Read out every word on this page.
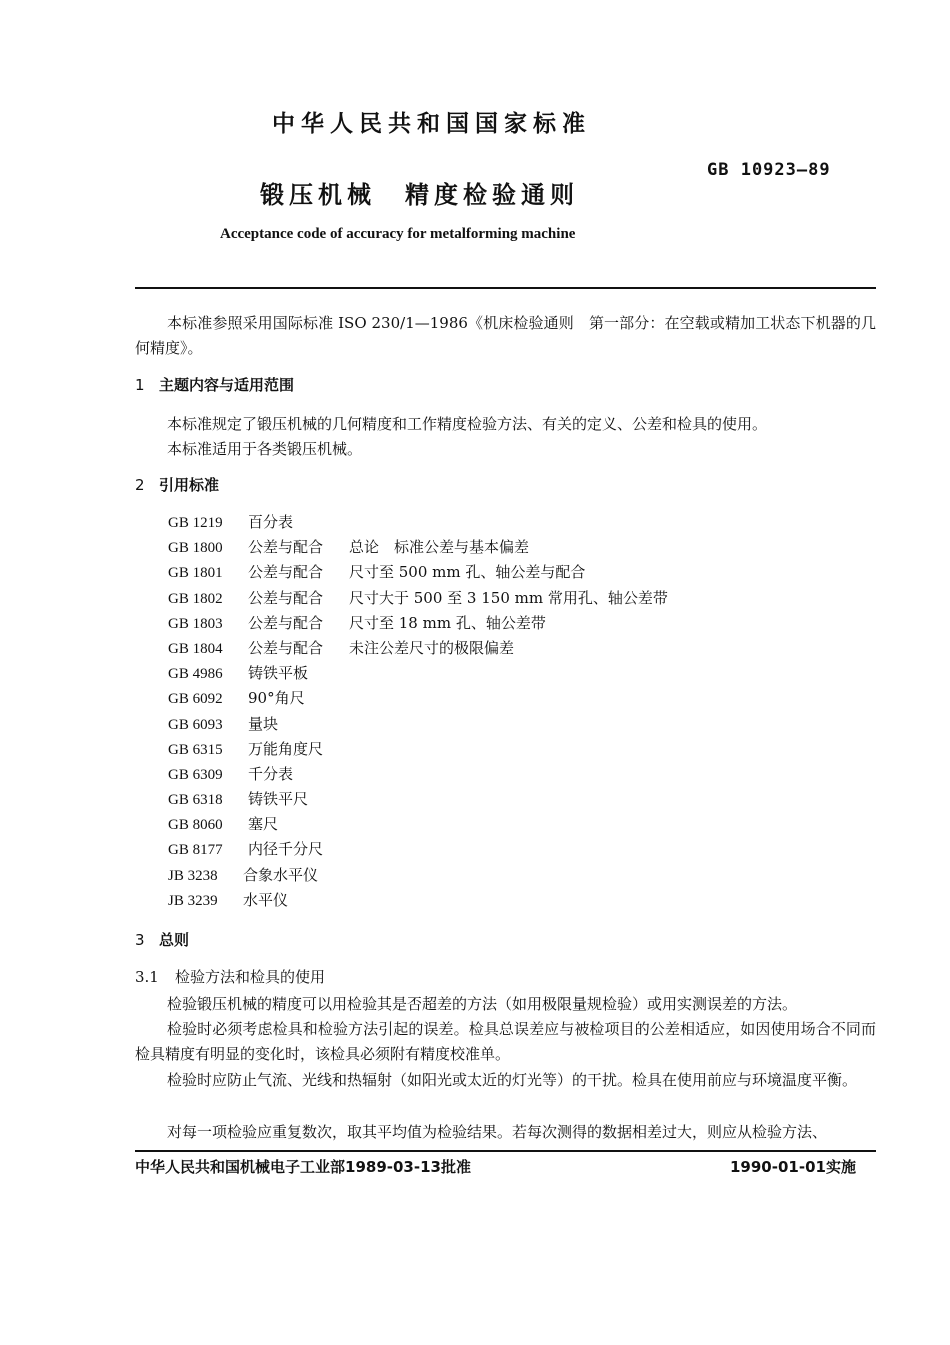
中华人民共和国国家标准
GB 10923—89
锻压机械　精度检验通则
Acceptance code of accuracy for metalforming machine
本标准参照采用国际标准 ISO 230/1—1986《机床检验通则　第一部分：在空载或精加工状态下机器的几何精度》。
1 主题内容与适用范围
本标准规定了锻压机械的几何精度和工作精度检验方法、有关的定义、公差和检具的使用。
本标准适用于各类锻压机械。
2 引用标准
GB 1219 百分表
GB 1800 公差与配合 总论　标准公差与基本偏差
GB 1801 公差与配合 尺寸至 500 mm 孔、轴公差与配合
GB 1802 公差与配合 尺寸大于 500 至 3 150 mm 常用孔、轴公差带
GB 1803 公差与配合 尺寸至 18 mm 孔、轴公差带
GB 1804 公差与配合 未注公差尺寸的极限偏差
GB 4986 铸铁平板
GB 6092 90°角尺
GB 6093 量块
GB 6315 万能角度尺
GB 6309 千分表
GB 6318 铸铁平尺
GB 8060 塞尺
GB 8177 内径千分尺
JB 3238 合象水平仪
JB 3239 水平仪
3 总则
3.1 检验方法和检具的使用
检验锻压机械的精度可以用检验其是否超差的方法（如用极限量规检验）或用实测误差的方法。
检验时必须考虑检具和检验方法引起的误差。检具总误差应与被检项目的公差相适应，如因使用场合不同而检具精度有明显的变化时，该检具必须附有精度校准单。
检验时应防止气流、光线和热辐射（如阳光或太近的灯光等）的干扰。检具在使用前应与环境温度平衡。
对每一项检验应重复数次，取其平均值为检验结果。若每次测得的数据相差过大，则应从检验方法、
中华人民共和国机械电子工业部1989-03-13批准	1990-01-01实施
